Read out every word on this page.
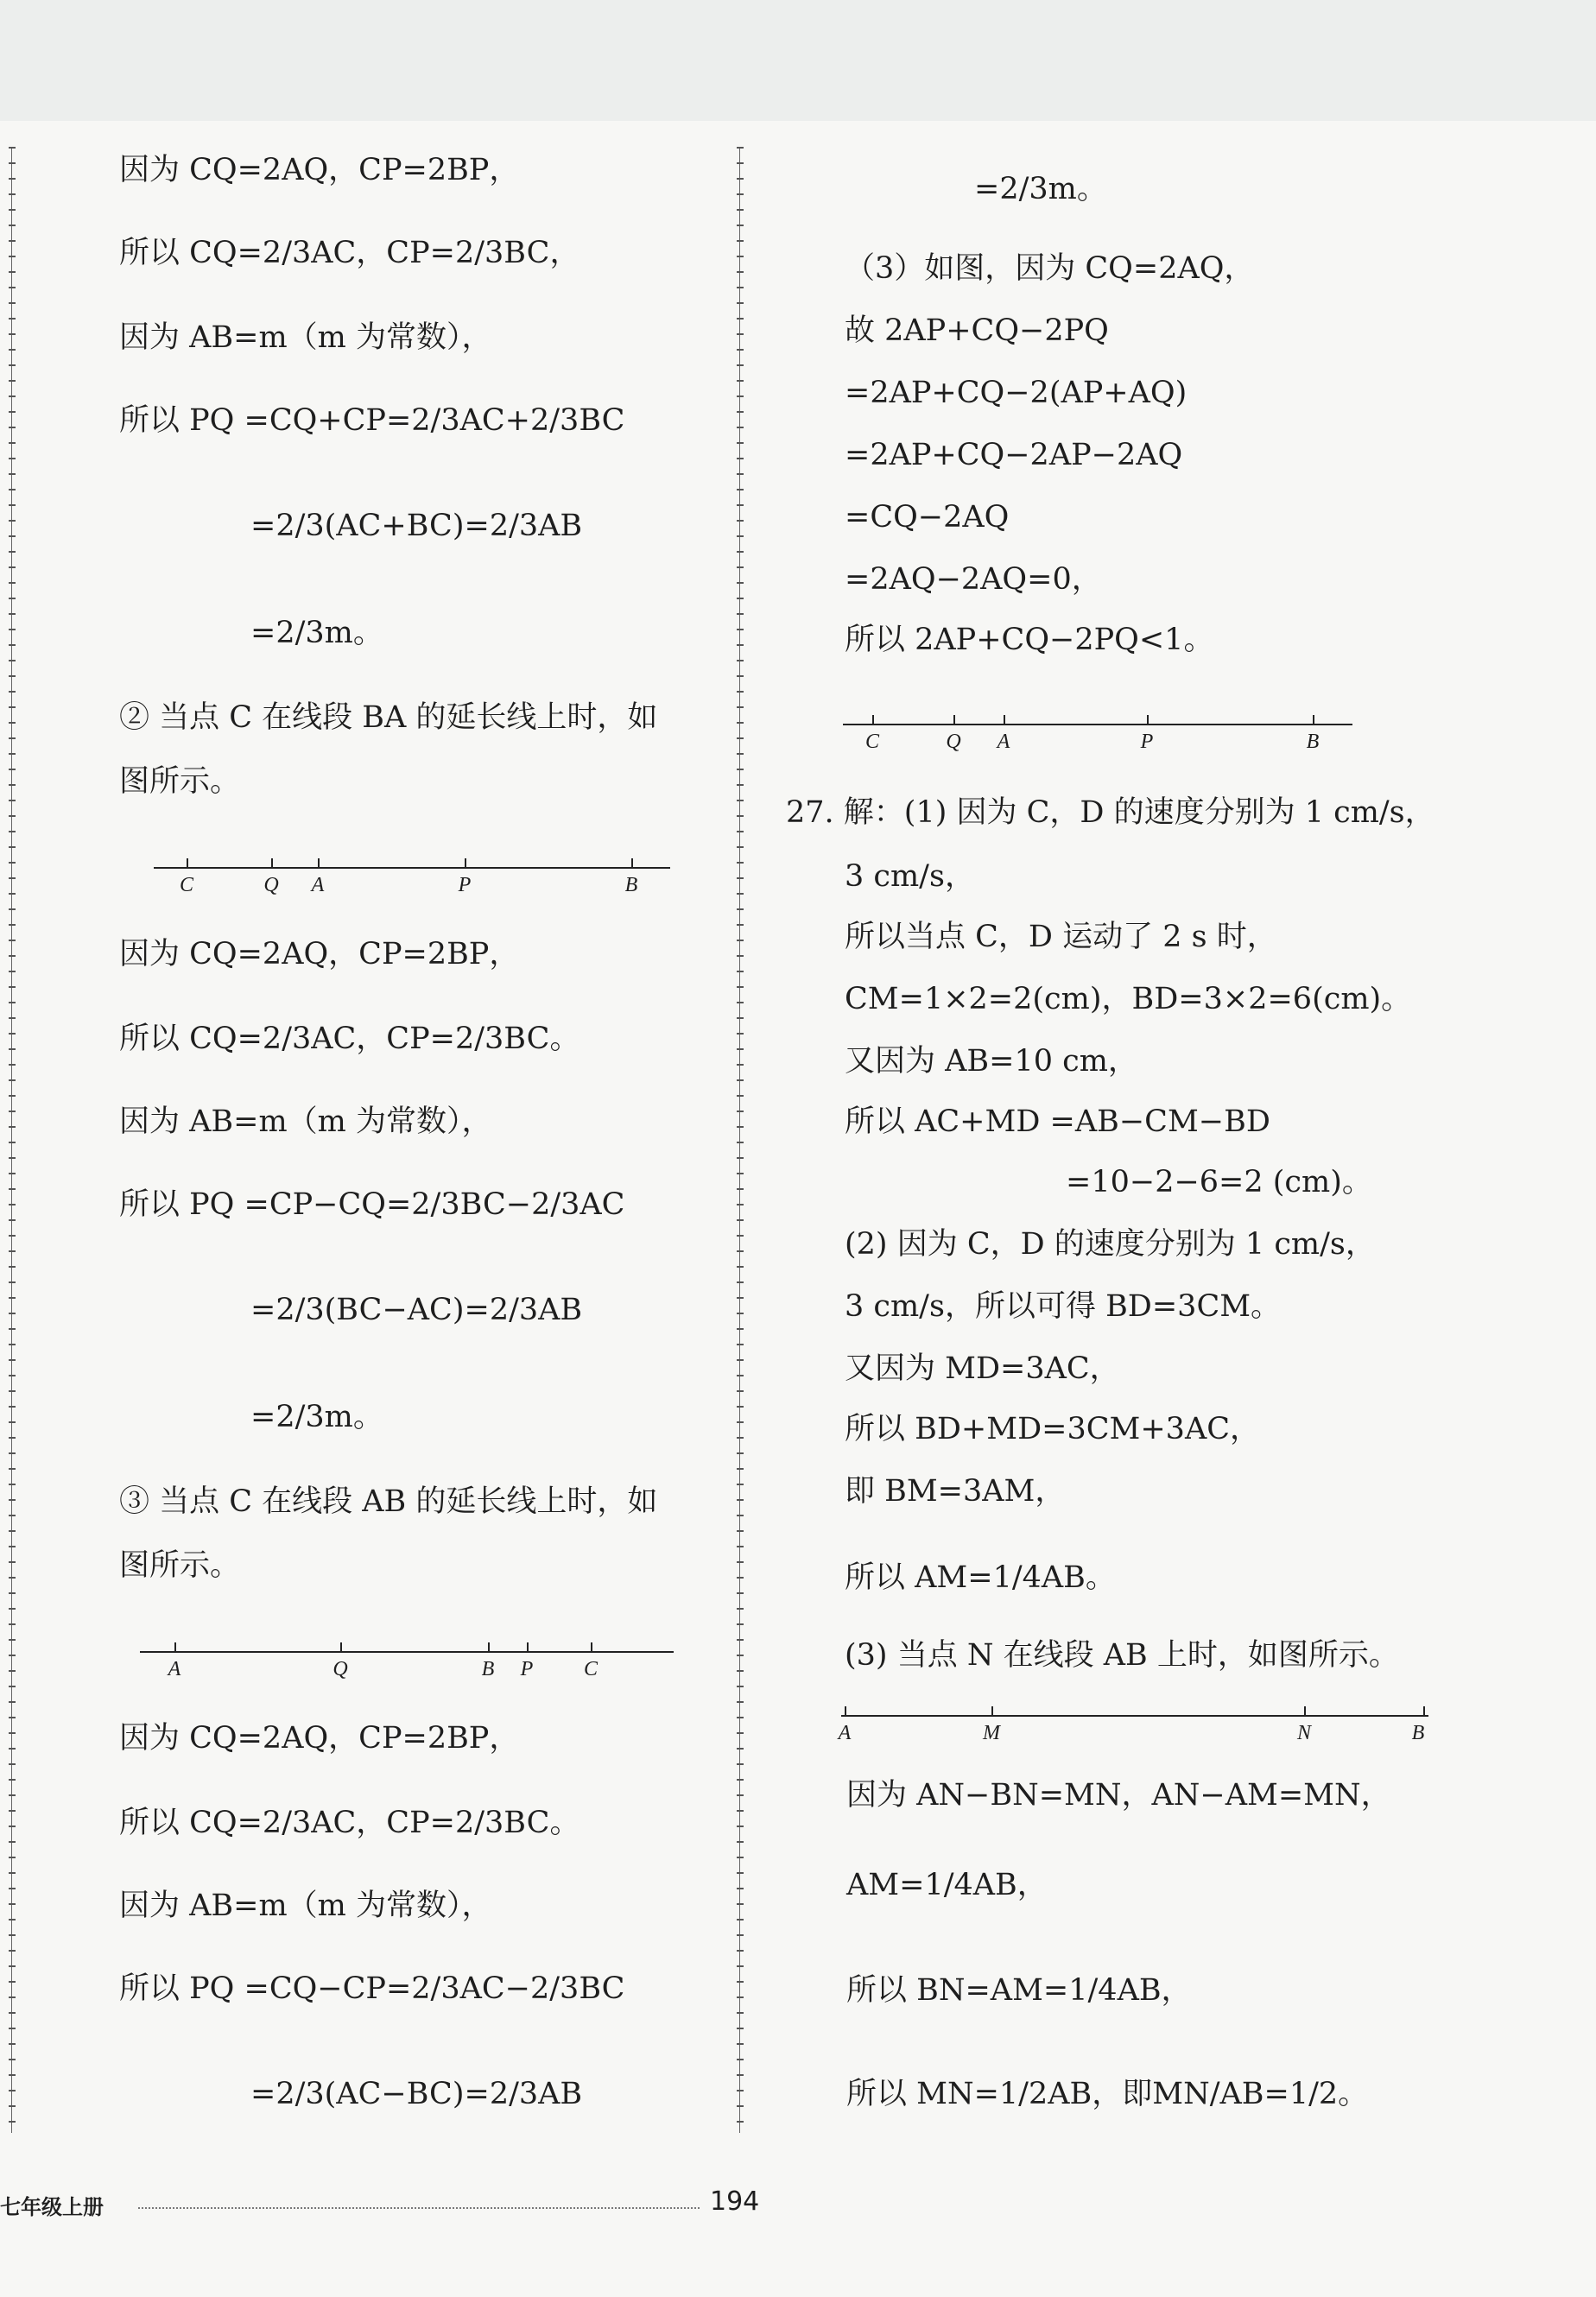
因为 CQ=2AQ，CP=2BP，
所以 CQ=2/3AC，CP=2/3BC，
因为 AB=m（m 为常数），
所以 PQ =CQ+CP=2/3AC+2/3BC
=2/3(AC+BC)=2/3AB
=2/3m。
② 当点 C 在线段 BA 的延长线上时，如
图所示。
C	Q A	P	B
因为 CQ=2AQ，CP=2BP，
所以 CQ=2/3AC，CP=2/3BC。
因为 AB=m（m 为常数），
所以 PQ =CP−CQ=2/3BC−2/3AC
=2/3(BC−AC)=2/3AB
=2/3m。
③ 当点 C 在线段 AB 的延长线上时，如
图所示。
A	Q	B P C
因为 CQ=2AQ，CP=2BP，
所以 CQ=2/3AC，CP=2/3BC。
因为 AB=m（m 为常数），
所以 PQ =CQ−CP=2/3AC−2/3BC
=2/3(AC−BC)=2/3AB
=2/3m。
（3）如图，因为 CQ=2AQ，
故 2AP+CQ−2PQ
=2AP+CQ−2(AP+AQ)
=2AP+CQ−2AP−2AQ
=CQ−2AQ
=2AQ−2AQ=0，
所以 2AP+CQ−2PQ<1。
C	Q A	P	B
27. 解：(1) 因为 C，D 的速度分别为 1 cm/s，
3 cm/s，
所以当点 C，D 运动了 2 s 时，
CM=1×2=2(cm)，BD=3×2=6(cm)。
又因为 AB=10 cm，
所以 AC+MD =AB−CM−BD
=10−2−6=2 (cm)。
(2) 因为 C，D 的速度分别为 1 cm/s，
3 cm/s，所以可得 BD=3CM。
又因为 MD=3AC，
所以 BD+MD=3CM+3AC，
即 BM=3AM，
所以 AM=1/4AB。
(3) 当点 N 在线段 AB 上时，如图所示。
A	M	N	B
因为 AN−BN=MN，AN−AM=MN，
AM=1/4AB，
所以 BN=AM=1/4AB，
所以 MN=1/2AB，即MN/AB=1/2。
七年级上册	194
